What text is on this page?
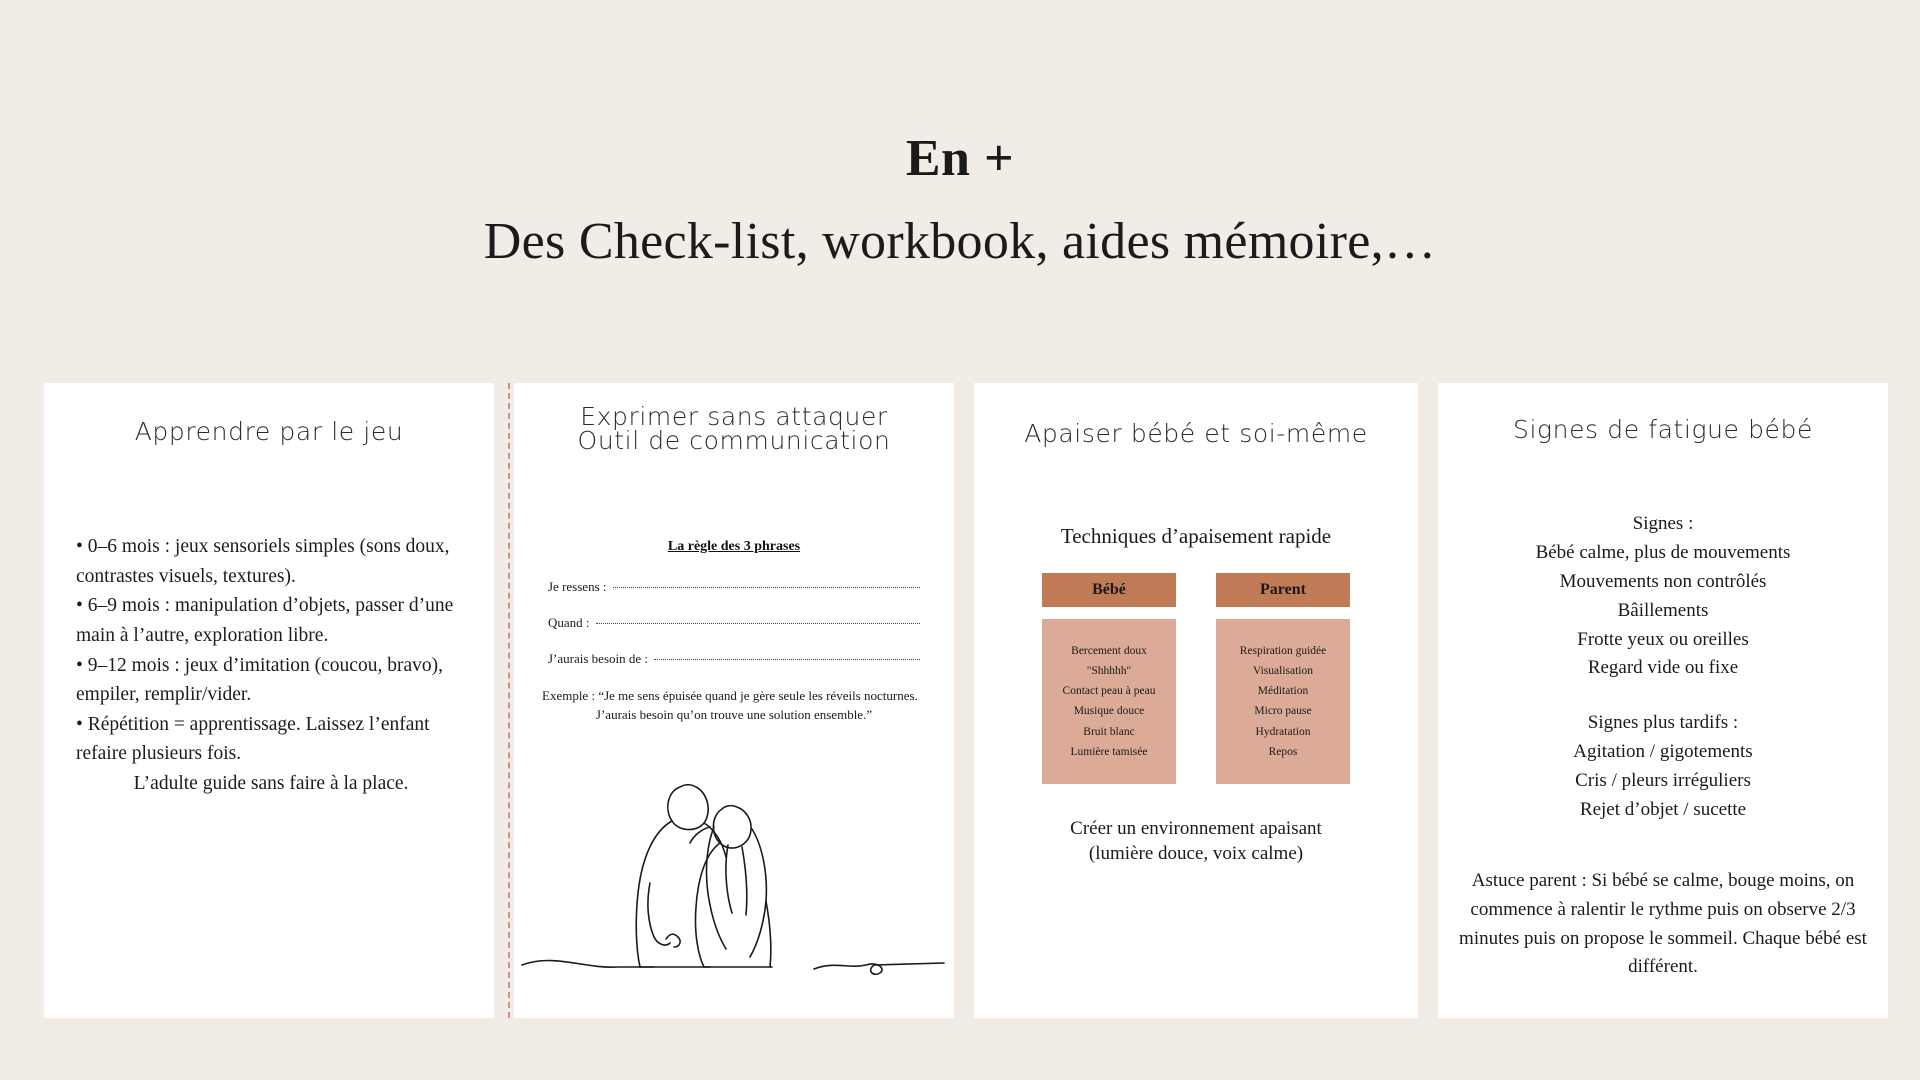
En +
Des Check-list, workbook, aides mémoire,…
Apprendre par le jeu

• 0–6 mois : jeux sensoriels simples (sons doux, contrastes visuels, textures).

• 6–9 mois : manipulation d’objets, passer d’une main à l’autre, exploration libre.

• 9–12 mois : jeux d’imitation (coucou, bravo), empiler, remplir/vider.

• Répétition = apprentissage. Laissez l’enfant refaire plusieurs fois.

L’adulte guide sans faire à la place.

Exprimer sans attaquer
Outil de communication
La règle des 3 phrases
Je ressens :
Quand :
J’aurais besoin de :
Exemple : “Je me sens épuisée quand je gère seule les réveils nocturnes.
J’aurais besoin qu’on trouve une solution ensemble.”
Apaiser bébé et soi-même
Techniques d’apaisement rapide
Bébé
Bercement doux
"Shhhhh"
Contact peau à peau
Musique douce
Bruit blanc
Lumière tamisée
Parent
Respiration guidée
Visualisation
Méditation
Micro pause
Hydratation
Repos
Créer un environnement apaisant
(lumière douce, voix calme)
Signes de fatigue bébé
Signes :
Bébé calme, plus de mouvements
Mouvements non contrôlés
Bâillements
Frotte yeux ou oreilles
Regard vide ou fixe
Signes plus tardifs :
Agitation / gigotements
Cris / pleurs irréguliers
Rejet d’objet / sucette
Astuce parent : Si bébé se calme, bouge moins, on commence à ralentir le rythme puis on observe 2/3 minutes puis on propose le sommeil. Chaque bébé est différent.
